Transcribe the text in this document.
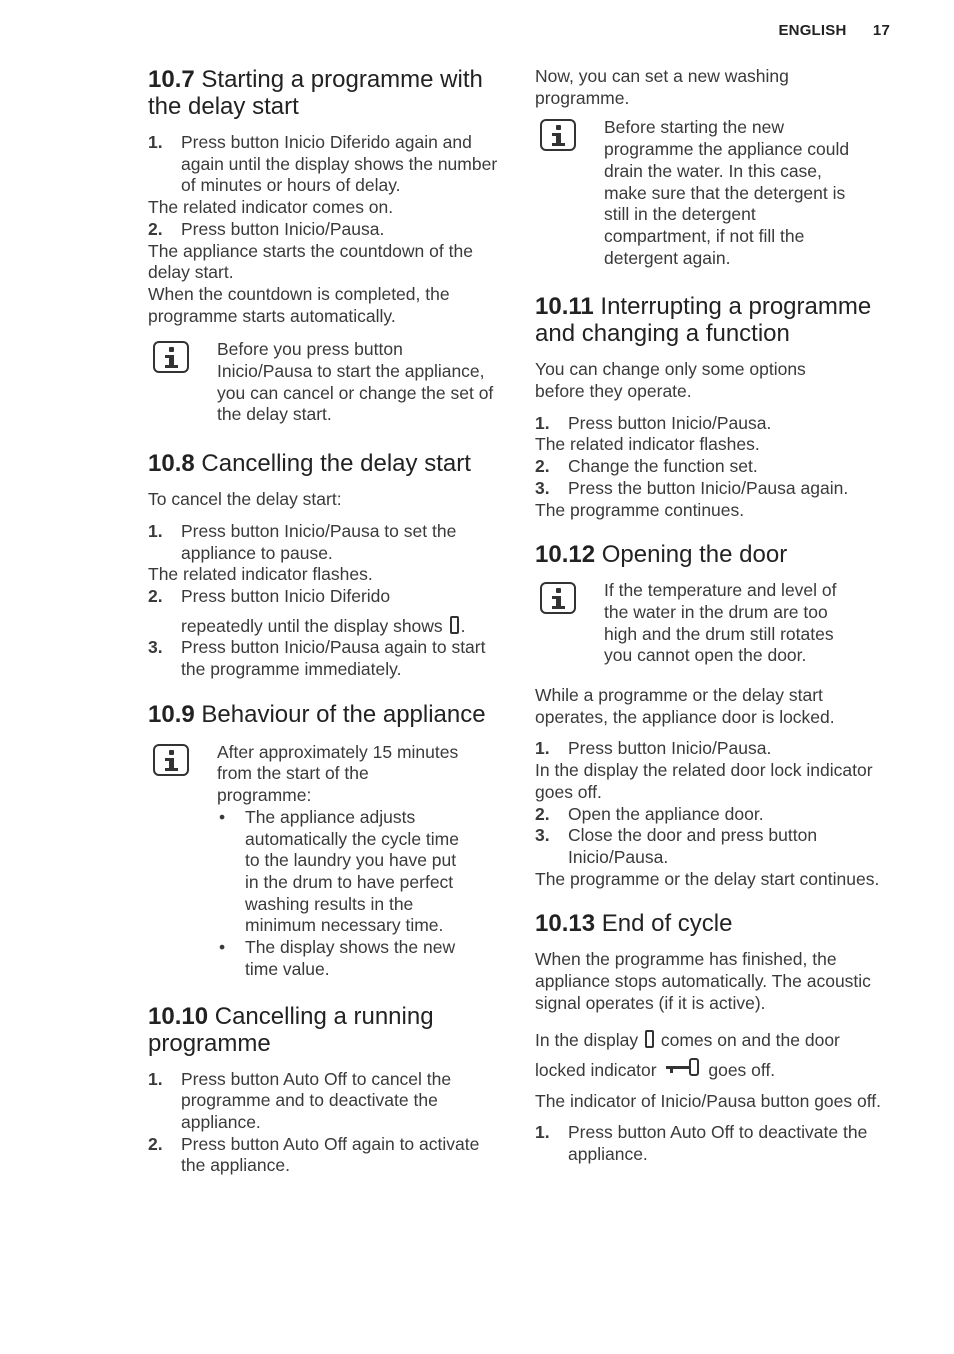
ENGLISH 17
10.7 Starting a programme with the delay start
1.	Press button Inicio Diferido again and again until the display shows the number of minutes or hours of delay.

The related indicator comes on.

2.	Press button Inicio/Pausa.

The appliance starts the countdown of the delay start.

When the countdown is completed, the programme starts automatically.

Before you press button Inicio/Pausa to start the appliance, you can cancel or change the set of the delay start.
10.8 Cancelling the delay start

To cancel the delay start:

1.	Press button Inicio/Pausa to set the appliance to pause.

The related indicator flashes.

2.	Press button Inicio Diferido
repeatedly until the display shows .
3.	Press button Inicio/Pausa again to start the programme immediately.
10.9 Behaviour of the appliance
After approximately 15 minutes from the start of the programme:
•	The appliance adjusts automatically the cycle time to the laundry you have put in the drum to have perfect washing results in the minimum necessary time.
•	The display shows the new time value.
10.10 Cancelling a running programme
1.	Press button Auto Off to cancel the programme and to deactivate the appliance.
2.	Press button Auto Off again to activate the appliance.

Now, you can set a new washing programme.

Before starting the new programme the appliance could drain the water. In this case, make sure that the detergent is still in the detergent compartment, if not fill the detergent again.
10.11 Interrupting a programme and changing a function

You can change only some options before they operate.

1.	Press button Inicio/Pausa.

The related indicator flashes.

2.	Change the function set.
3.	Press the button Inicio/Pausa again.

The programme continues.

10.12 Opening the door
If the temperature and level of the water in the drum are too high and the drum still rotates you cannot open the door.

While a programme or the delay start operates, the appliance door is locked.

1.	Press button Inicio/Pausa.

In the display the related door lock indicator goes off.

2.	Open the appliance door.
3.	Close the door and press button Inicio/Pausa.

The programme or the delay start continues.

10.13 End of cycle

When the programme has finished, the appliance stops automatically. The acoustic signal operates (if it is active).

In the display comes on and the door
locked indicator	goes off.

The indicator of Inicio/Pausa button goes off.

1.	Press button Auto Off to deactivate the appliance.
